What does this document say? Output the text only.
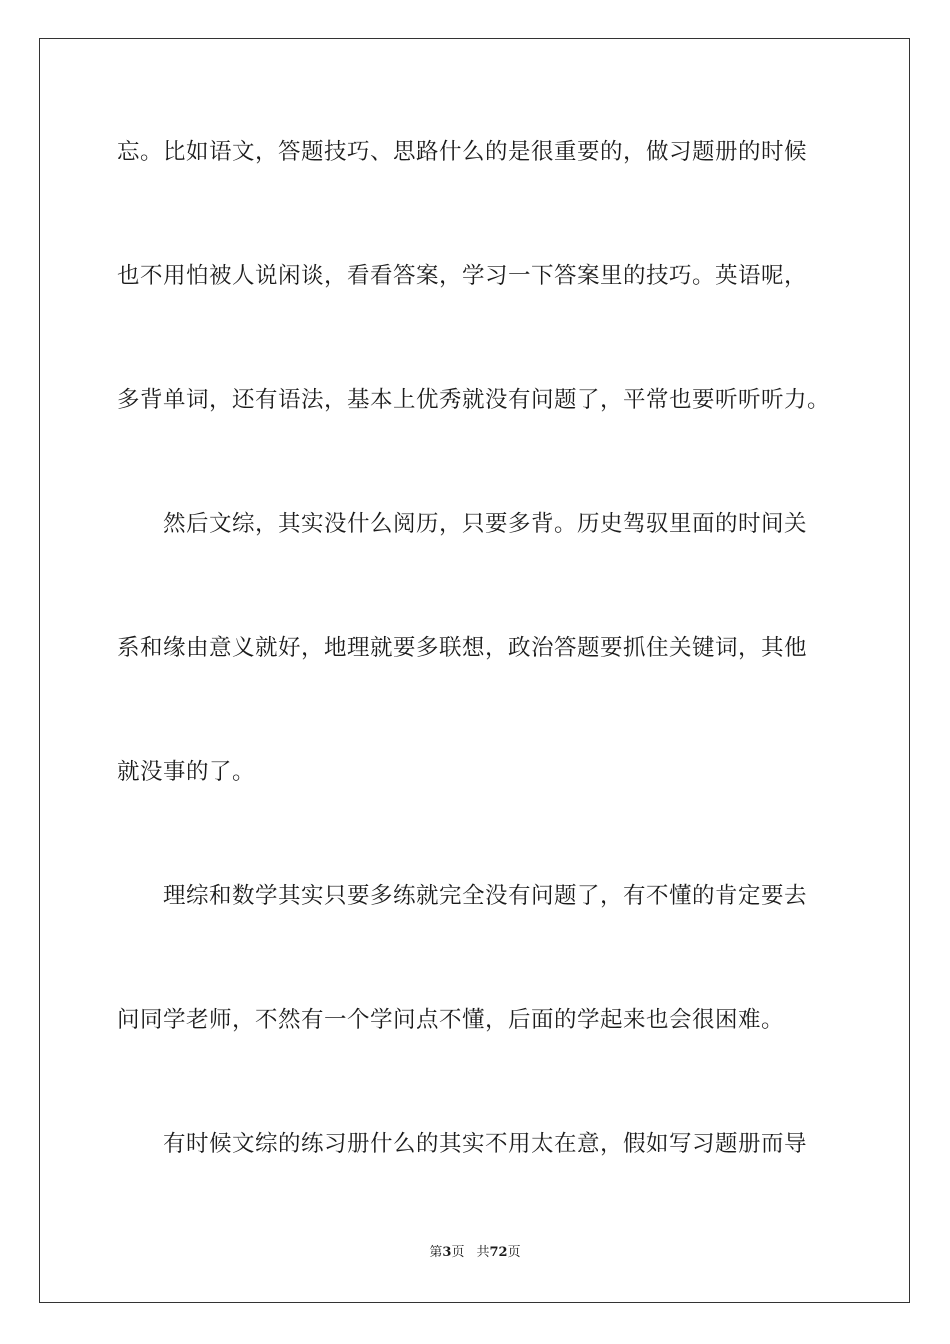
忘。比如语文，答题技巧、思路什么的是很重要的，做习题册的时候
也不用怕被人说闲谈，看看答案，学习一下答案里的技巧。英语呢，
多背单词，还有语法，基本上优秀就没有问题了，平常也要听听听力。
然后文综，其实没什么阅历，只要多背。历史驾驭里面的时间关
系和缘由意义就好，地理就要多联想，政治答题要抓住关键词，其他
就没事的了。
理综和数学其实只要多练就完全没有问题了，有不懂的肯定要去
问同学老师，不然有一个学问点不懂，后面的学起来也会很困难。
有时候文综的练习册什么的其实不用太在意，假如写习题册而导
第3页 共72页
